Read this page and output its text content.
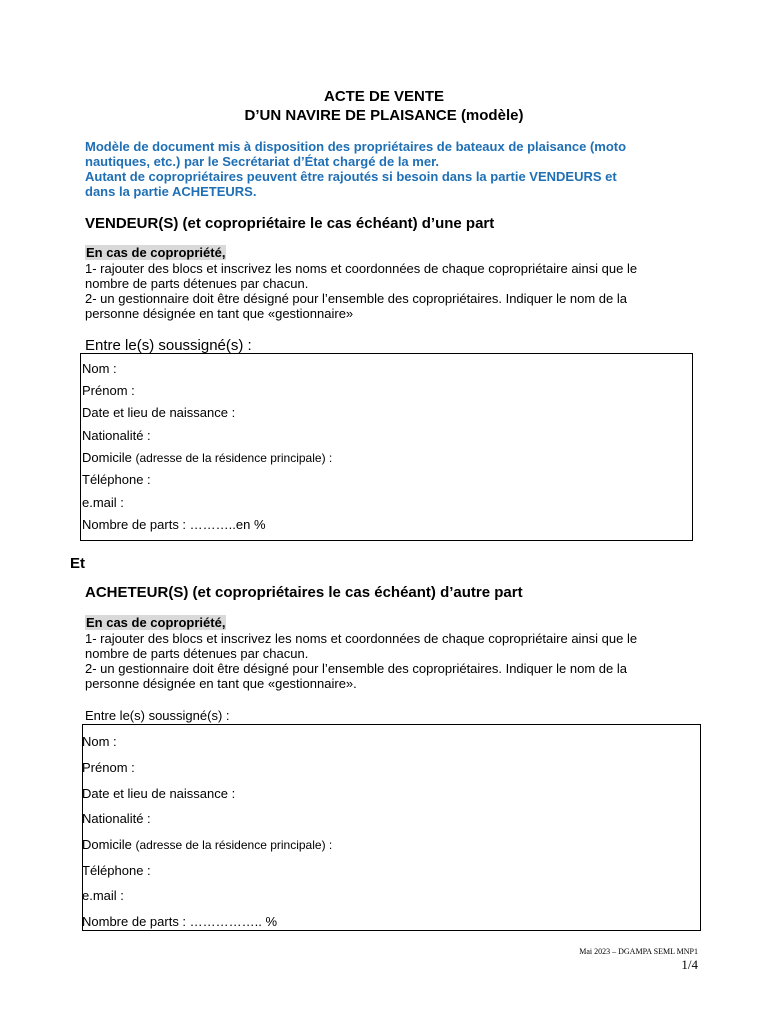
ACTE DE VENTE
D’UN NAVIRE DE PLAISANCE (modèle)
Modèle de document mis à disposition des propriétaires de bateaux de plaisance (moto
nautiques, etc.) par le Secrétariat d’État chargé de la mer.
Autant de copropriétaires peuvent être rajoutés si besoin dans la partie VENDEURS et
dans la partie ACHETEURS.
VENDEUR(S) (et copropriétaire le cas échéant) d’une part
En cas de copropriété,
1- rajouter des blocs et inscrivez les noms et coordonnées de chaque copropriétaire ainsi que le
nombre de parts détenues par chacun.
2- un gestionnaire doit être désigné pour l’ensemble des copropriétaires. Indiquer le nom de la
personne désignée en tant que «gestionnaire»
Entre le(s) soussigné(s) :
Nom :
Prénom :
Date et lieu de naissance :
Nationalité :
Domicile (adresse de la résidence principale) :
Téléphone :
e.mail :
Nombre de parts : ………..en %
Et
ACHETEUR(S) (et copropriétaires le cas échéant) d’autre part
En cas de copropriété,
1- rajouter des blocs et inscrivez les noms et coordonnées de chaque copropriétaire ainsi que le
nombre de parts détenues par chacun.
2- un gestionnaire doit être désigné pour l’ensemble des copropriétaires. Indiquer le nom de la
personne désignée en tant que «gestionnaire».
Entre le(s) soussigné(s) :
Nom :
Prénom :
Date et lieu de naissance :
Nationalité :
Domicile (adresse de la résidence principale) :
Téléphone :
e.mail :
Nombre de parts : …………….. %
Mai 2023 – DGAMPA SEML MNP1
1/4
